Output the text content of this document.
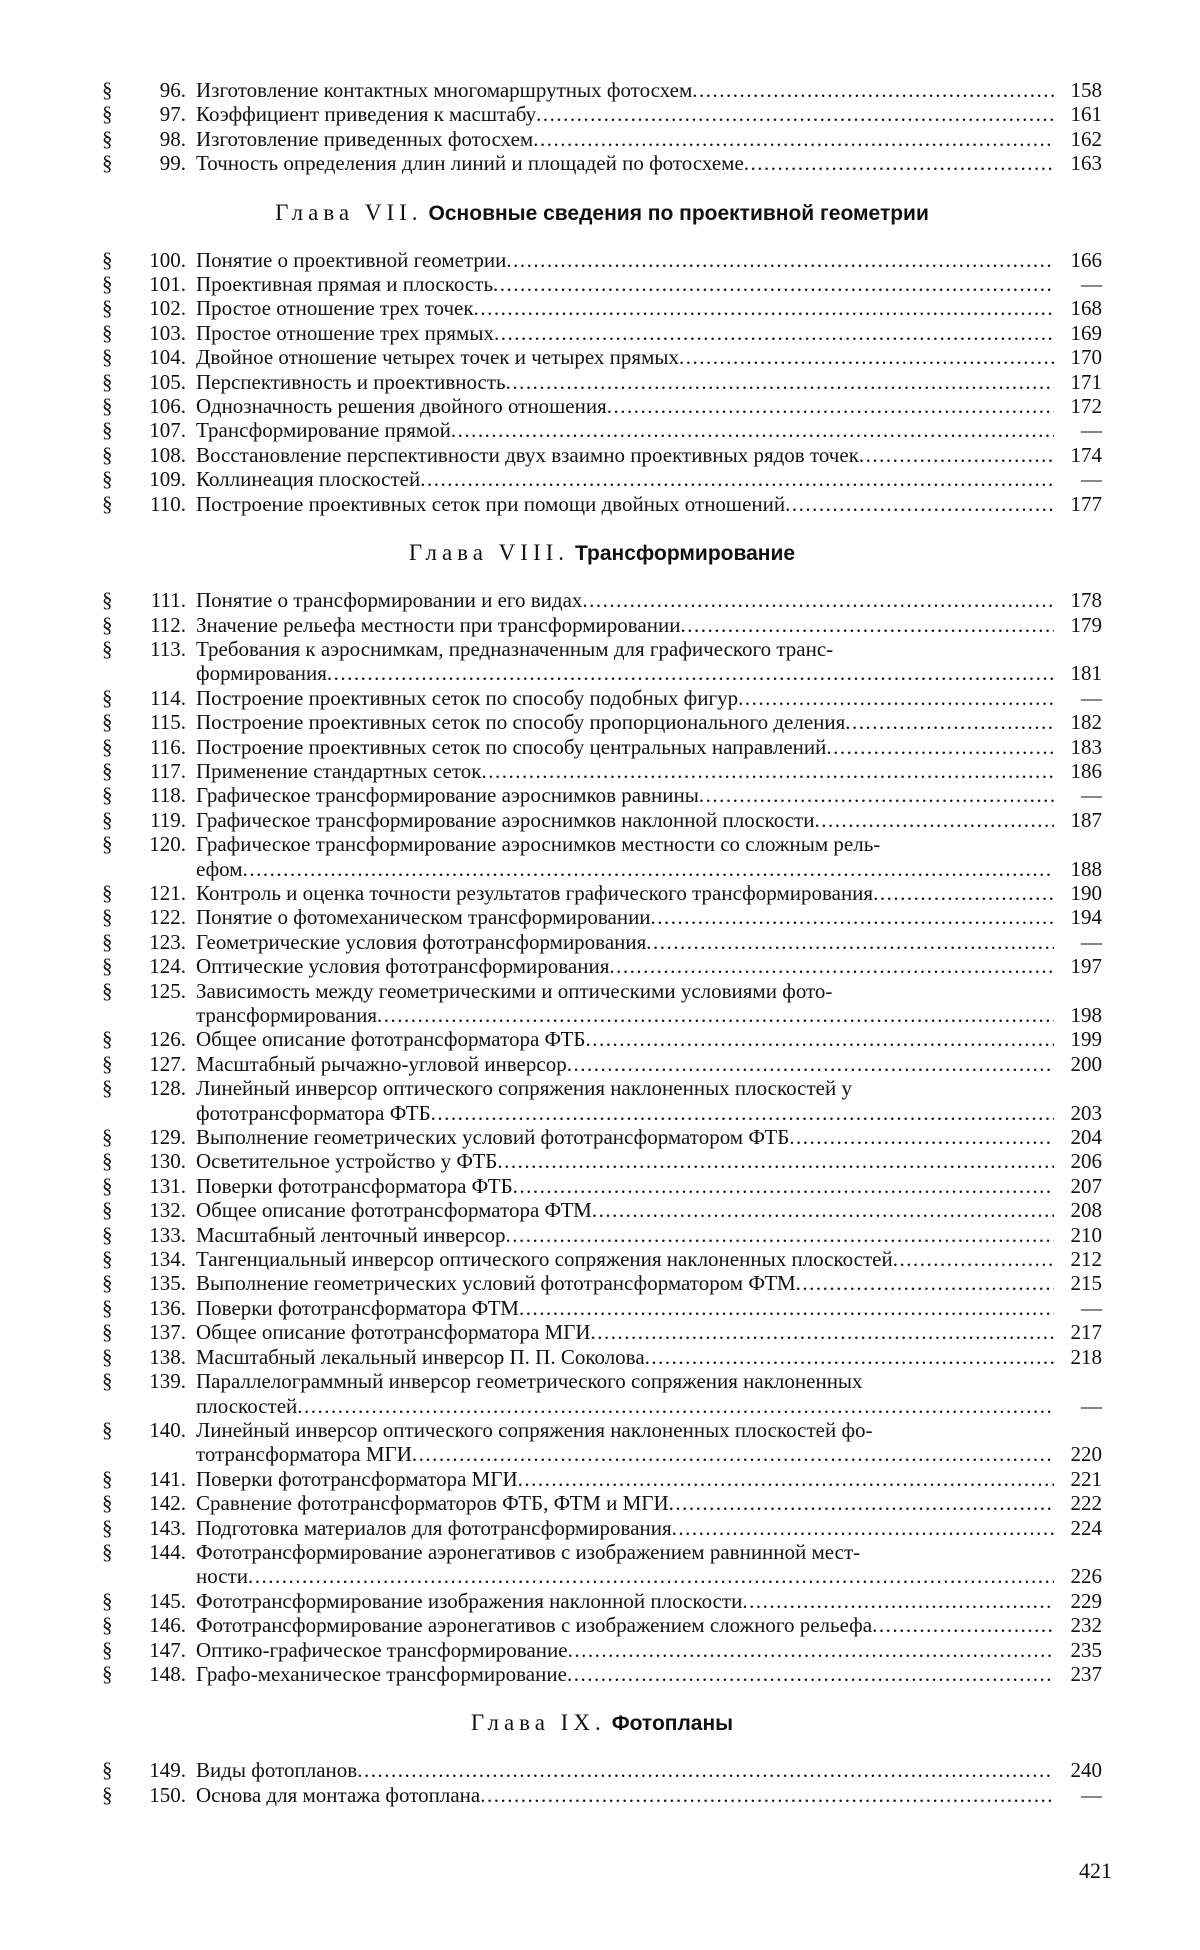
§	96. Изготовление контактных многомаршрутных фотосхем .....	158
§	97. Коэффициент приведения к масштабу .....	161
§	98. Изготовление приведенных фотосхем .....	162
§	99. Точность определения длин линий и площадей по фотосхеме .....	163
Глава VII. Основные сведения по проективной геометрии
§	100. Понятие о проективной геометрии .....	166
§	101. Проективная прямая и плоскость .....	—
§	102. Простое отношение трех точек .....	168
§	103. Простое отношение трех прямых .....	169
§	104. Двойное отношение четырех точек и четырех прямых .....	170
§	105. Перспективность и проективность .....	171
§	106. Однозначность решения двойного отношения .....	172
§	107. Трансформирование прямой .....	—
§	108. Восстановление перспективности двух взаимно проективных рядов точек .....	174
§	109. Коллинеация плоскостей .....	—
§	110. Построение проективных сеток при помощи двойных отношений .....	177
Глава VIII. Трансформирование
§	111. Понятие о трансформировании и его видах .....	178
§	112. Значение рельефа местности при трансформировании .....	179
§	113. Требования к аэроснимкам, предназначенным для графического транс-
формирования .....	181
§	114. Построение проективных сеток по способу подобных фигур .....	—
§	115. Построение проективных сеток по способу пропорционального деления .....	182
§	116. Построение проективных сеток по способу центральных направлений .....	183
§	117. Применение стандартных сеток .....	186
§	118. Графическое трансформирование аэроснимков равнины .....	—
§	119. Графическое трансформирование аэроснимков наклонной плоскости .....	187
§	120. Графическое трансформирование аэроснимков местности со сложным рель-
ефом .....	188
§	121. Контроль и оценка точности результатов графического трансформирования .....	190
§	122. Понятие о фотомеханическом трансформировании .....	194
§	123. Геометрические условия фототрансформирования .....	—
§	124. Оптические условия фототрансформирования .....	197
§	125. Зависимость между геометрическими и оптическими условиями фото-
трансформирования .....	198
§	126. Общее описание фототрансформатора ФТБ .....	199
§	127. Масштабный рычажно-угловой инверсор .....	200
§	128. Линейный инверсор оптического сопряжения наклоненных плоскостей у
фототрансформатора ФТБ .....	203
§	129. Выполнение геометрических условий фототрансформатором ФТБ .....	204
§	130. Осветительное устройство у ФТБ .....	206
§	131. Поверки фототрансформатора ФТБ .....	207
§	132. Общее описание фототрансформатора ФТМ .....	208
§	133. Масштабный ленточный инверсор .....	210
§	134. Тангенциальный инверсор оптического сопряжения наклоненных плоскостей .....	212
§	135. Выполнение геометрических условий фототрансформатором ФТМ .....	215
§	136. Поверки фототрансформатора ФТМ .....	—
§	137. Общее описание фототрансформатора МГИ .....	217
§	138. Масштабный лекальный инверсор П. П. Соколова .....	218
§	139. Параллелограммный инверсор геометрического сопряжения наклоненных
плоскостей .....	—
§	140. Линейный инверсор оптического сопряжения наклоненных плоскостей фо-
тотрансформатора МГИ .....	220
§	141. Поверки фототрансформатора МГИ .....	221
§	142. Сравнение фототрансформаторов ФТБ, ФТМ и МГИ .....	222
§	143. Подготовка материалов для фототрансформирования .....	224
§	144. Фототрансформирование аэронегативов с изображением равнинной мест-
ности .....	226
§	145. Фототрансформирование изображения наклонной плоскости .....	229
§	146. Фототрансформирование аэронегативов с изображением сложного рельефа .....	232
§	147. Оптико-графическое трансформирование .....	235
§	148. Графо-механическое трансформирование .....	237
Глава IX. Фотопланы
§	149. Виды фотопланов .....	240
§	150. Основа для монтажа фотоплана .....	—
421
